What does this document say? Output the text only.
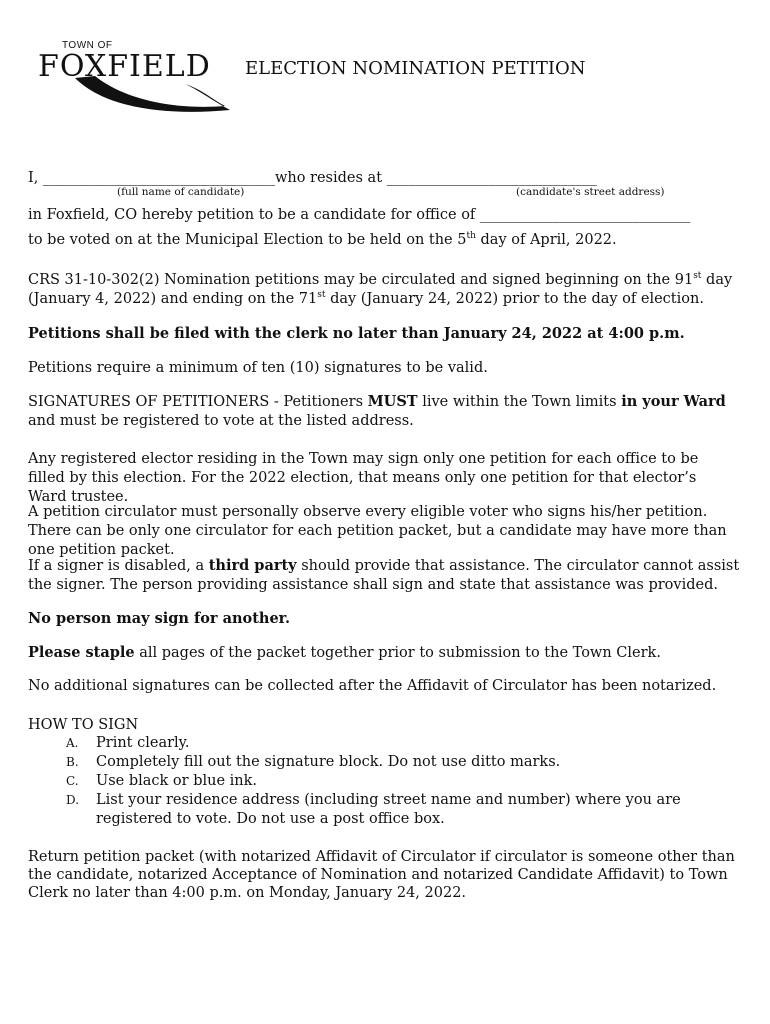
TOWN OF
FOXFIELD ELECTION NOMINATION PETITION
I, ________________________________who resides at _____________________________
(full name of candidate)	(candidate's street address)
in Foxfield, CO hereby petition to be a candidate for office of _____________________________
to be voted on at the Municipal Election to be held on the 5th day of April, 2022.
CRS 31-10-302(2) Nomination petitions may be circulated and signed beginning on the 91st day (January 4, 2022) and ending on the 71st day (January 24, 2022) prior to the day of election.
Petitions shall be filed with the clerk no later than January 24, 2022 at 4:00 p.m.
Petitions require a minimum of ten (10) signatures to be valid.
SIGNATURES OF PETITIONERS - Petitioners MUST live within the Town limits in your Ward and must be registered to vote at the listed address.
Any registered elector residing in the Town may sign only one petition for each office to be filled by this election. For the 2022 election, that means only one petition for that elector’s Ward trustee.
A petition circulator must personally observe every eligible voter who signs his/her petition. There can be only one circulator for each petition packet, but a candidate may have more than one petition packet.
If a signer is disabled, a third party should provide that assistance. The circulator cannot assist the signer. The person providing assistance shall sign and state that assistance was provided.
No person may sign for another.
Please staple all pages of the packet together prior to submission to the Town Clerk.
No additional signatures can be collected after the Affidavit of Circulator has been notarized.
HOW TO SIGN
A. Print clearly.
B. Completely fill out the signature block. Do not use ditto marks.
C. Use black or blue ink.
D. List your residence address (including street name and number) where you are registered to vote. Do not use a post office box.
Return petition packet (with notarized Affidavit of Circulator if circulator is someone other than the candidate, notarized Acceptance of Nomination and notarized Candidate Affidavit) to Town Clerk no later than 4:00 p.m. on Monday, January 24, 2022.
